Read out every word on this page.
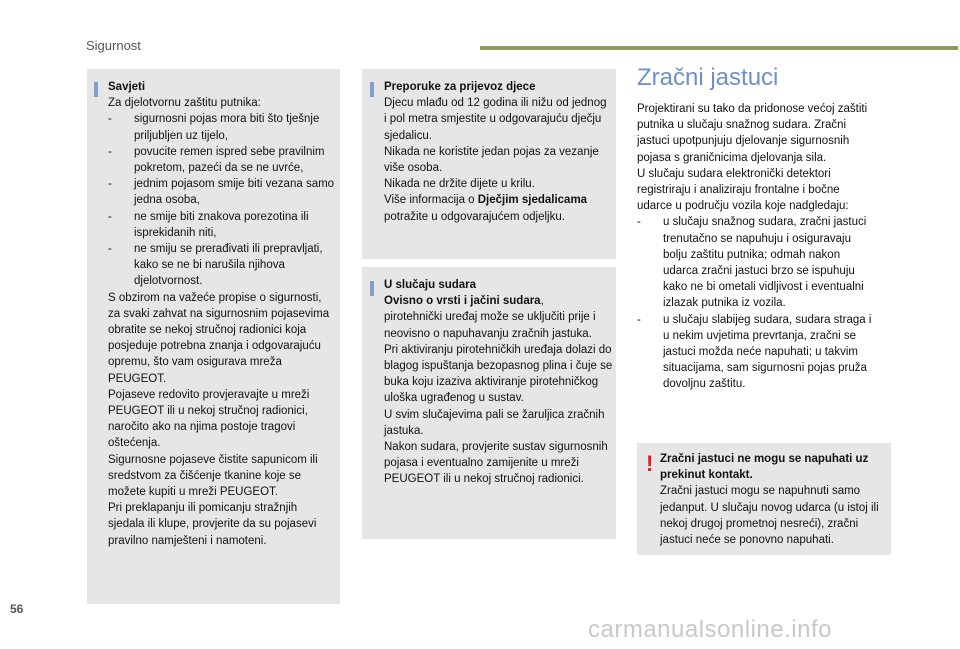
Sigurnost

Savjeti

Za djelotvornu zaštitu putnika:

- sigurnosni pojas mora biti što tješnje priljubljen uz tijelo,

- povucite remen ispred sebe pravilnim pokretom, pazeći da se ne uvrće,

- jednim pojasom smije biti vezana samo jedna osoba,

- ne smije biti znakova porezotina ili isprekidanih niti,

- ne smiju se prerađivati ili prepravljati, kako se ne bi narušila njihova djelotvornost.

S obzirom na važeće propise o sigurnosti, za svaki zahvat na sigurnosnim pojasevima obratite se nekoj stručnoj radionici koja posjeduje potrebna znanja i odgovarajuću opremu, što vam osigurava mreža PEUGEOT.
Pojaseve redovito provjeravajte u mreži PEUGEOT ili u nekoj stručnoj radionici, naročito ako na njima postoje tragovi oštećenja.
Sigurnosne pojaseve čistite sapunicom ili sredstvom za čišćenje tkanine koje se možete kupiti u mreži PEUGEOT.
Pri preklapanju ili pomicanju stražnjih sjedala ili klupe, provjerite da su pojasevi pravilno namješteni i namoteni.

Preporuke za prijevoz djece

Djecu mlađu od 12 godina ili nižu od jednog i pol metra smjestite u odgovarajuću dječju sjedalicu.
Nikada ne koristite jedan pojas za vezanje više osoba.
Nikada ne držite dijete u krilu.
Više informacija o Dječjim sjedalicama
potražite u odgovarajućem odjeljku.

U slučaju sudara

Ovisno o vrsti i jačini sudara,

pirotehnički uređaj može se uključiti prije i neovisno o napuhavanju zračnih jastuka.
Pri aktiviranju pirotehničkih uređaja dolazi do blagog ispuštanja bezopasnog plina i čuje se buka koju izaziva aktiviranje pirotehničkog uloška ugrađenog u sustav.
U svim slučajevima pali se žaruljica zračnih jastuka.
Nakon sudara, provjerite sustav sigurnosnih pojasa i eventualno zamijenite u mreži PEUGEOT ili u nekoj stručnoj radionici.

Zračni jastuci

Projektirani su tako da pridonose većoj zaštiti putnika u slučaju snažnog sudara. Zračni jastuci upotpunjuju djelovanje sigurnosnih pojasa s graničnicima djelovanja sila.
U slučaju sudara elektronički detektori registriraju i analiziraju frontalne i bočne udarce u području vozila koje nadgledaju:

- u slučaju snažnog sudara, zračni jastuci trenutačno se napuhuju i osiguravaju bolju zaštitu putnika; odmah nakon udarca zračni jastuci brzo se ispuhuju kako ne bi ometali vidljivost i eventualni izlazak putnika iz vozila.

- u slučaju slabijeg sudara, sudara straga i u nekim uvjetima prevrtanja, zračni se jastuci možda neće napuhati; u takvim situacijama, sam sigurnosni pojas pruža dovoljnu zaštitu.

! Zračni jastuci ne mogu se napuhati uz prekinut kontakt.

Zračni jastuci mogu se napuhnuti samo jedanput. U slučaju novog udarca (u istoj ili nekoj drugoj prometnoj nesreći), zračni jastuci neće se ponovno napuhati.

56
carmanualsonline.info
